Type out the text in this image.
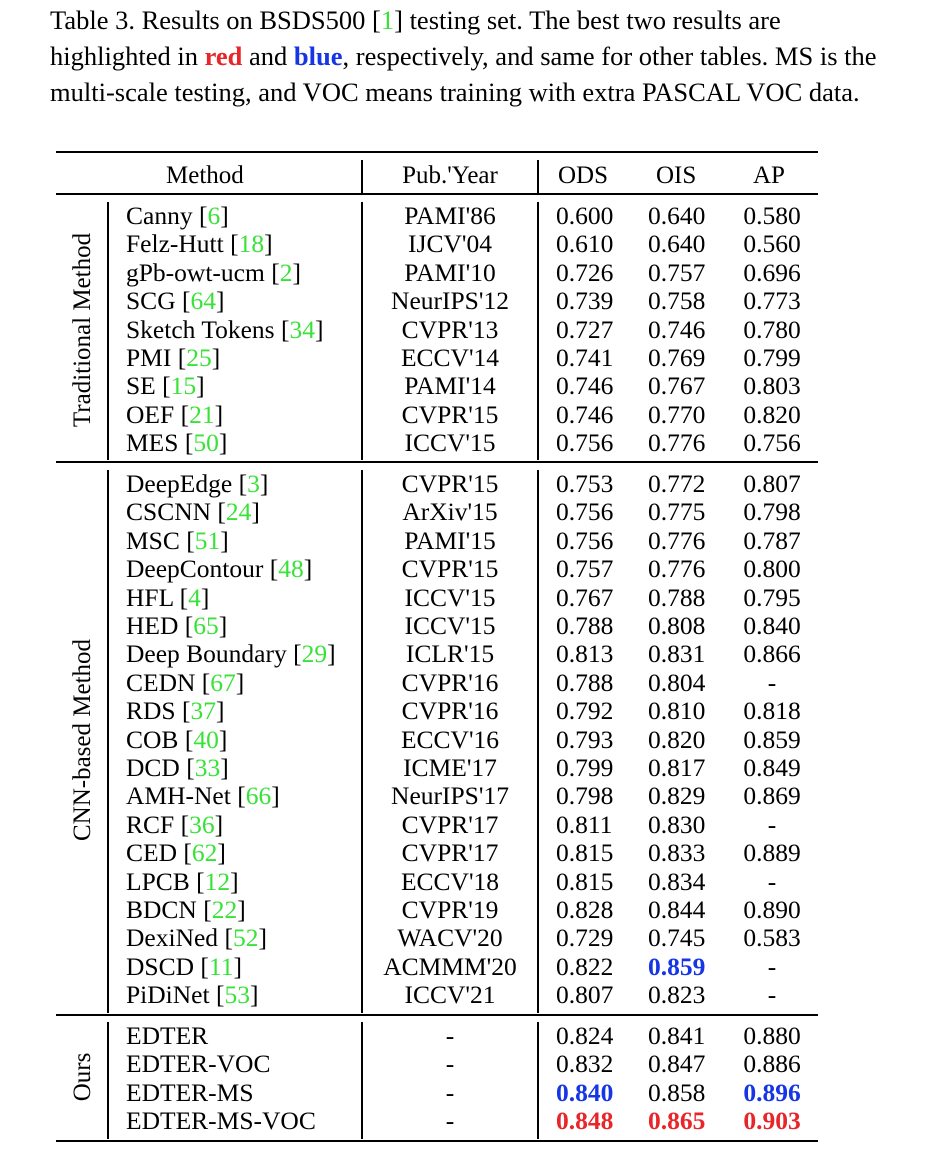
Table 3. Results on BSDS500 [1] testing set. The best two results are highlighted in red and blue, respectively, and same for other tables. MS is the multi-scale testing, and VOC means training with extra PASCAL VOC data.
Method	Pub.'Year	ODS OIS AP
Traditional Method
CNN-based Method
Ours
Canny [6]	PAMI'86	0.600 0.640 0.580
Felz-Hutt [18]	IJCV'04	0.610 0.640 0.560
gPb-owt-ucm [2]	PAMI'10	0.726 0.757 0.696
SCG [64]	NeurIPS'12	0.739 0.758 0.773
Sketch Tokens [34]	CVPR'13	0.727 0.746 0.780
PMI [25]	ECCV'14	0.741 0.769 0.799
SE [15]	PAMI'14	0.746 0.767 0.803
OEF [21]	CVPR'15	0.746 0.770 0.820
MES [50]	ICCV'15	0.756 0.776 0.756
DeepEdge [3]	CVPR'15	0.753 0.772 0.807
CSCNN [24]	ArXiv'15	0.756 0.775 0.798
MSC [51]	PAMI'15	0.756 0.776 0.787
DeepContour [48]	CVPR'15	0.757 0.776 0.800
HFL [4]	ICCV'15	0.767 0.788 0.795
HED [65]	ICCV'15	0.788 0.808 0.840
Deep Boundary [29]	ICLR'15	0.813 0.831 0.866
CEDN [67]	CVPR'16	0.788 0.804	-
RDS [37]	CVPR'16	0.792 0.810 0.818
COB [40]	ECCV'16	0.793 0.820 0.859
DCD [33]	ICME'17	0.799 0.817 0.849
AMH-Net [66]	NeurIPS'17	0.798 0.829 0.869
RCF [36]	CVPR'17	0.811 0.830	-
CED [62]	CVPR'17	0.815 0.833 0.889
LPCB [12]	ECCV'18	0.815 0.834	-
BDCN [22]	CVPR'19	0.828 0.844 0.890
DexiNed [52]	WACV'20	0.729 0.745 0.583
DSCD [11]	ACMMM'20	0.822 0.859	-
PiDiNet [53]	ICCV'21	0.807 0.823	-
EDTER	-	0.824 0.841 0.880
EDTER-VOC	-	0.832 0.847 0.886
EDTER-MS	-	0.840 0.858 0.896
EDTER-MS-VOC	-	0.848 0.865 0.903
